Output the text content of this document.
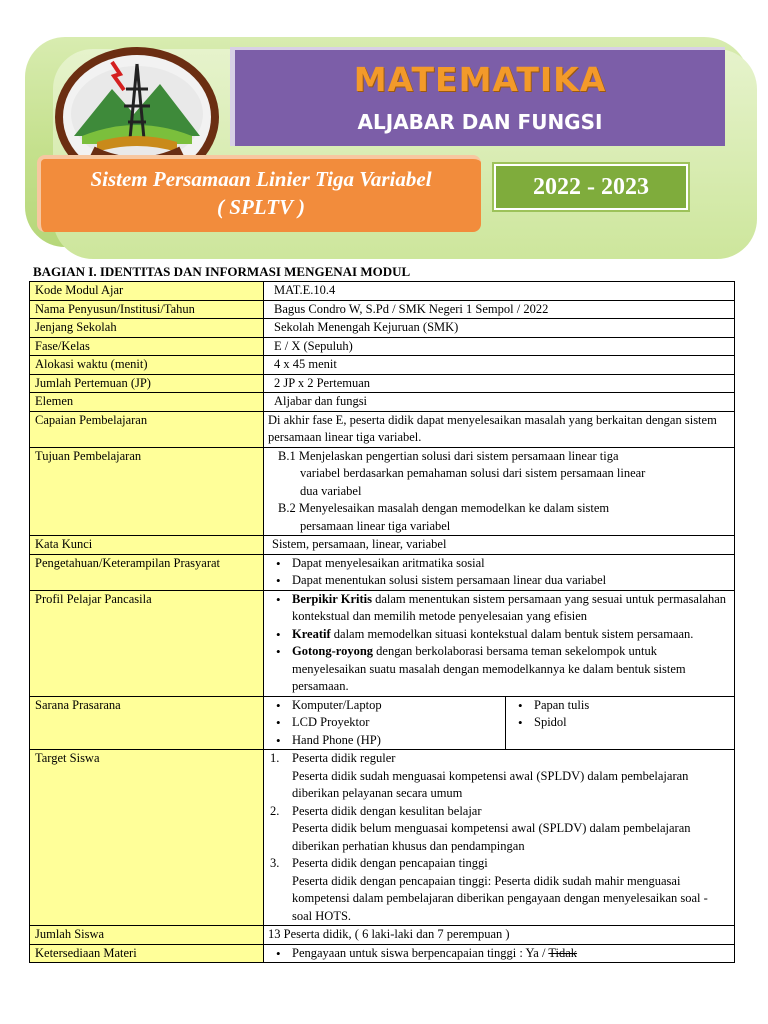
MATEMATIKA
ALJABAR DAN FUNGSI
Sistem Persamaan Linier Tiga Variabel
( SPLTV )
2022 - 2023
BAGIAN I. IDENTITAS DAN INFORMASI MENGENAI MODUL
Kode Modul Ajar	MAT.E.10.4
Nama Penyusun/Institusi/Tahun	Bagus Condro W, S.Pd / SMK Negeri 1 Sempol / 2022
Jenjang Sekolah	Sekolah Menengah Kejuruan (SMK)
Fase/Kelas	E / X (Sepuluh)
Alokasi waktu (menit)	4 x 45 menit
Jumlah Pertemuan (JP)	2 JP x 2 Pertemuan
Elemen	Aljabar dan fungsi
Capaian Pembelajaran	Di akhir fase E, peserta didik dapat menyelesaikan masalah yang berkaitan dengan sistem persamaan linear tiga variabel.
Tujuan Pembelajaran	B.1 Menjelaskan pengertian solusi dari sistem persamaan linear tiga
variabel berdasarkan pemahaman solusi dari sistem persamaan linear
dua variabel
B.2 Menyelesaikan masalah dengan memodelkan ke dalam sistem
persamaan linear tiga variabel

Kata Kunci	Sistem, persamaan, linear, variabel
Pengetahuan/Keterampilan Prasyarat	
•Dapat menyelesaikan aritmatika sosial
• Dapat menentukan solusi sistem persamaan linear dua variabel

Profil Pelajar Pancasila	
•Berpikir Kritis dalam menentukan sistem persamaan yang sesuai untuk permasalahan kontekstual dan memilih metode penyelesaian yang efisien
• Kreatif dalam memodelkan situasi kontekstual dalam bentuk sistem persamaan.
• Gotong-royong dengan berkolaborasi bersama teman sekelompok untuk menyelesaikan suatu masalah dengan memodelkannya ke dalam bentuk sistem persamaan.

Sarana Prasarana	
•	Komputer/Laptop
• LCD Proyektor
• Hand Phone (HP)

• Papan tulis
• Spidol

Target Siswa	1. Peserta didik reguler
Peserta didik sudah menguasai kompetensi awal (SPLDV) dalam pembelajaran diberikan pelayanan secara umum
2. Peserta didik dengan kesulitan belajar
Peserta didik belum menguasai kompetensi awal (SPLDV) dalam pembelajaran diberikan perhatian khusus dan pendampingan
3. Peserta didik dengan pencapaian tinggi
Peserta didik dengan pencapaian tinggi: Peserta didik sudah mahir menguasai kompetensi dalam pembelajaran diberikan pengayaan dengan menyelesaikan soal - soal HOTS.

Jumlah Siswa	13 Peserta didik, ( 6 laki-laki dan 7 perempuan )
Ketersediaan Materi	
•Pengayaan untuk siswa berpencapaian tinggi : Ya / Tidak
